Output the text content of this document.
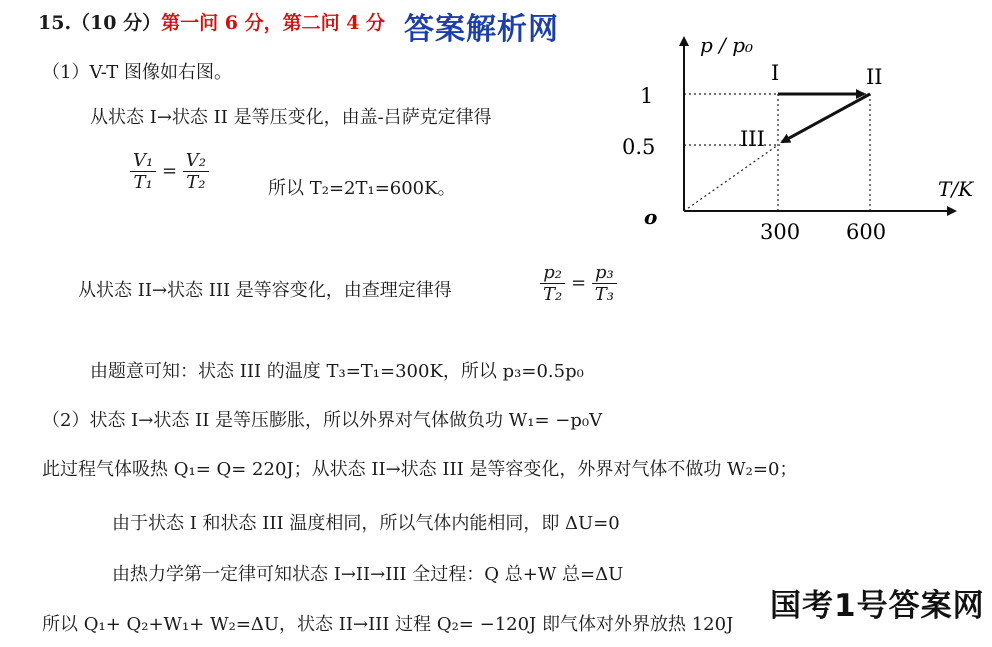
15.（10 分）第一问 6 分，第二问 4 分 答案解析网
（1）V-T 图像如右图。
从状态 I→状态 II 是等压变化，由盖-吕萨克定律得
$\frac{\text{V₁}}{\text{T₁}} = \frac{\text{V₂}}{\text{T₂}}$	所以 T₂=2T₁=600K。
从状态 II→状态 III 是等容变化，由查理定律得	$\frac{\text{p₂}}{\text{T₂}} = \frac{\text{p₃}}{\text{T₃}}$
由题意可知：状态 III 的温度 T₃=T₁=300K，所以 p₃=0.5p₀
（2）状态 I→状态 II 是等压膨胀，所以外界对气体做负功 W₁= −p₀V
此过程气体吸热 Q₁= Q= 220J；从状态 II→状态 III 是等容变化，外界对气体不做功 W₂=0；
由于状态 I 和状态 III 温度相同，所以气体内能相同，即 ΔU=0
由热力学第一定律可知状态 I→II→III 全过程：Q 总+W 总=ΔU
所以 Q₁+ Q₂+W₁+ W₂=ΔU，状态 II→III 过程 Q₂= −120J 即气体对外界放热 120J
国考1号答案网
p / p₀
T/K
o
1
0.5
300 600
I	II
III
